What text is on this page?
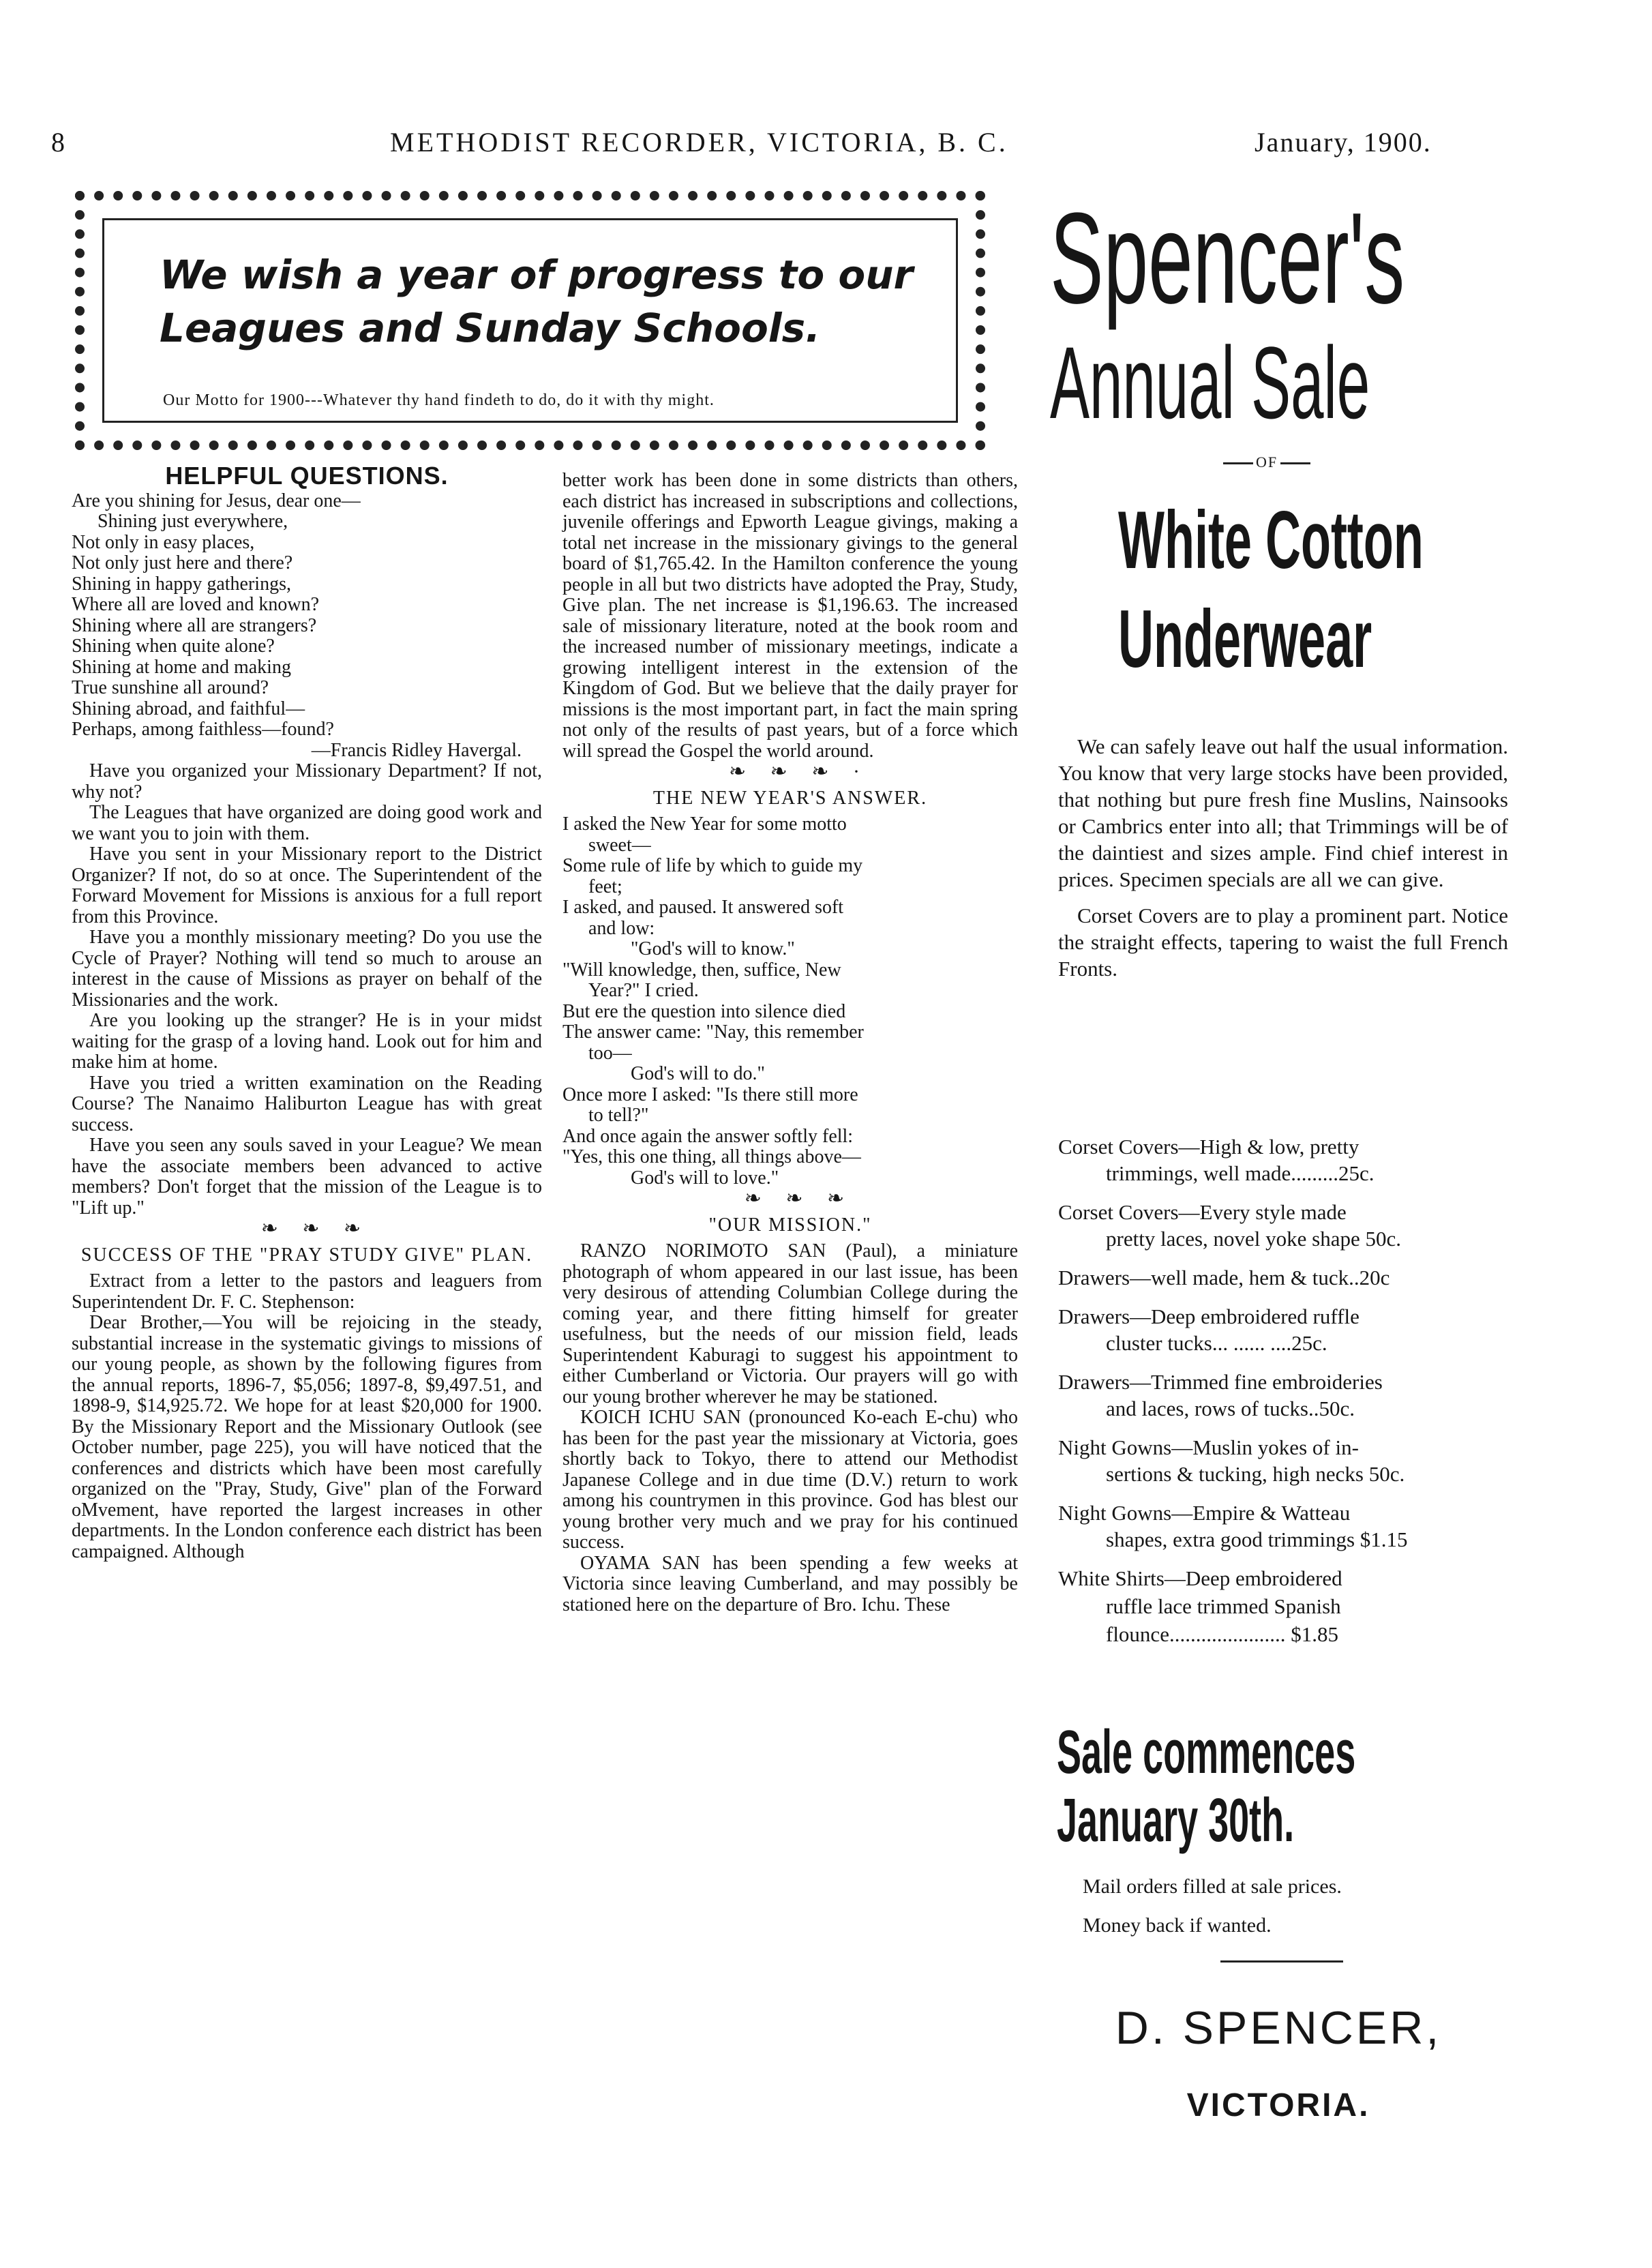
8	METHODIST RECORDER, VICTORIA, B. C.	January, 1900.
We wish a year of progress to our Leagues and Sunday Schools.
Our Motto for 1900---Whatever thy hand findeth to do, do it with thy might.

HELPFUL QUESTIONS.

Are you shining for Jesus, dear one—
Shining just everywhere,
Not only in easy places,
Not only just here and there?
Shining in happy gatherings,
Where all are loved and known?
Shining where all are strangers?
Shining when quite alone?
Shining at home and making
True sunshine all around?
Shining abroad, and faithful—
Perhaps, among faithless—found?
—Francis Ridley Havergal.

Have you organized your Missionary Department? If not, why not?

The Leagues that have organized are doing good work and we want you to join with them.

Have you sent in your Missionary report to the District Organizer? If not, do so at once. The Superintendent of the Forward Movement for Missions is anxious for a full report from this Province.

Have you a monthly missionary meeting? Do you use the Cycle of Prayer? Nothing will tend so much to arouse an interest in the cause of Missions as prayer on behalf of the Missionaries and the work.

Are you looking up the stranger? He is in your midst waiting for the grasp of a loving hand. Look out for him and make him at home.

Have you tried a written examination on the Reading Course? The Nanaimo Haliburton League has with great success.

Have you seen any souls saved in your League? We mean have the associate members been advanced to active members? Don't forget that the mission of the League is to "Lift up."

❧ ❧ ❧

SUCCESS OF THE "PRAY STUDY GIVE" PLAN.

Extract from a letter to the pastors and leaguers from Superintendent Dr. F. C. Stephenson:

Dear Brother,—You will be rejoicing in the steady, substantial increase in the systematic givings to missions of our young people, as shown by the following figures from the annual reports, 1896-7, $5,056; 1897-8, $9,497.51, and 1898-9, $14,925.72. We hope for at least $20,000 for 1900. By the Missionary Report and the Missionary Outlook (see October number, page 225), you will have noticed that the conferences and districts which have been most carefully organized on the "Pray, Study, Give" plan of the Forward oMvement, have reported the largest increases in other departments. In the London conference each district has been campaigned. Although

better work has been done in some districts than others, each district has increased in subscriptions and collections, juvenile offerings and Epworth League givings, making a total net increase in the missionary givings to the general board of $1,765.42. In the Hamilton conference the young people in all but two districts have adopted the Pray, Study, Give plan. The net increase is $1,196.63. The increased sale of missionary literature, noted at the book room and the increased number of missionary meetings, indicate a growing intelligent interest in the extension of the Kingdom of God. But we believe that the daily prayer for missions is the most important part, in fact the main spring not only of the results of past years, but of a force which will spread the Gospel the world around.

❧ ❧ ❧ ·

THE NEW YEAR'S ANSWER.

I asked the New Year for some motto
sweet—
Some rule of life by which to guide my
feet;
I asked, and paused. It answered soft
and low:
"God's will to know."
"Will knowledge, then, suffice, New
Year?" I cried.
But ere the question into silence died
The answer came: "Nay, this remember
too—
God's will to do."
Once more I asked: "Is there still more
to tell?"
And once again the answer softly fell:
"Yes, this one thing, all things above—
God's will to love."

❧ ❧ ❧

"OUR MISSION."

RANZO NORIMOTO SAN (Paul), a miniature photograph of whom appeared in our last issue, has been very desirous of attending Columbian College during the coming year, and there fitting himself for greater usefulness, but the needs of our mission field, leads Superintendent Kaburagi to suggest his appointment to either Cumberland or Victoria. Our prayers will go with our young brother wherever he may be stationed.

KOICH ICHU SAN (pronounced Ko-each E-chu) who has been for the past year the missionary at Victoria, goes shortly back to Tokyo, there to attend our Methodist Japanese College and in due time (D.V.) return to work among his countrymen in this province. God has blest our young brother very much and we pray for his continued success.

OYAMA SAN has been spending a few weeks at Victoria since leaving Cumberland, and may possibly be stationed here on the departure of Bro. Ichu. These

Spencer's
Annual Sale
OF
White Cotton
Underwear

We can safely leave out half the usual information. You know that very large stocks have been provided, that nothing but pure fresh fine Muslins, Nainsooks or Cambrics enter into all; that Trimmings will be of the daintiest and sizes ample. Find chief interest in prices. Specimen specials are all we can give.

Corset Covers are to play a prominent part. Notice the straight effects, tapering to waist the full French Fronts.

Corset Covers—High & low, pretty
trimmings, well made.........25c.
Corset Covers—Every style made
pretty laces, novel yoke shape 50c.
Drawers—well made, hem & tuck..20c
Drawers—Deep embroidered ruffle
cluster tucks... ...... ....25c.
Drawers—Trimmed fine embroideries
and laces, rows of tucks..50c.
Night Gowns—Muslin yokes of in-
sertions & tucking, high necks 50c.
Night Gowns—Empire & Watteau
shapes, extra good trimmings $1.15
White Shirts—Deep embroidered
ruffle lace trimmed Spanish
flounce...................... $1.85
Sale commences
January 30th.
Mail orders filled at sale prices.
Money back if wanted.
D. SPENCER,
VICTORIA.
